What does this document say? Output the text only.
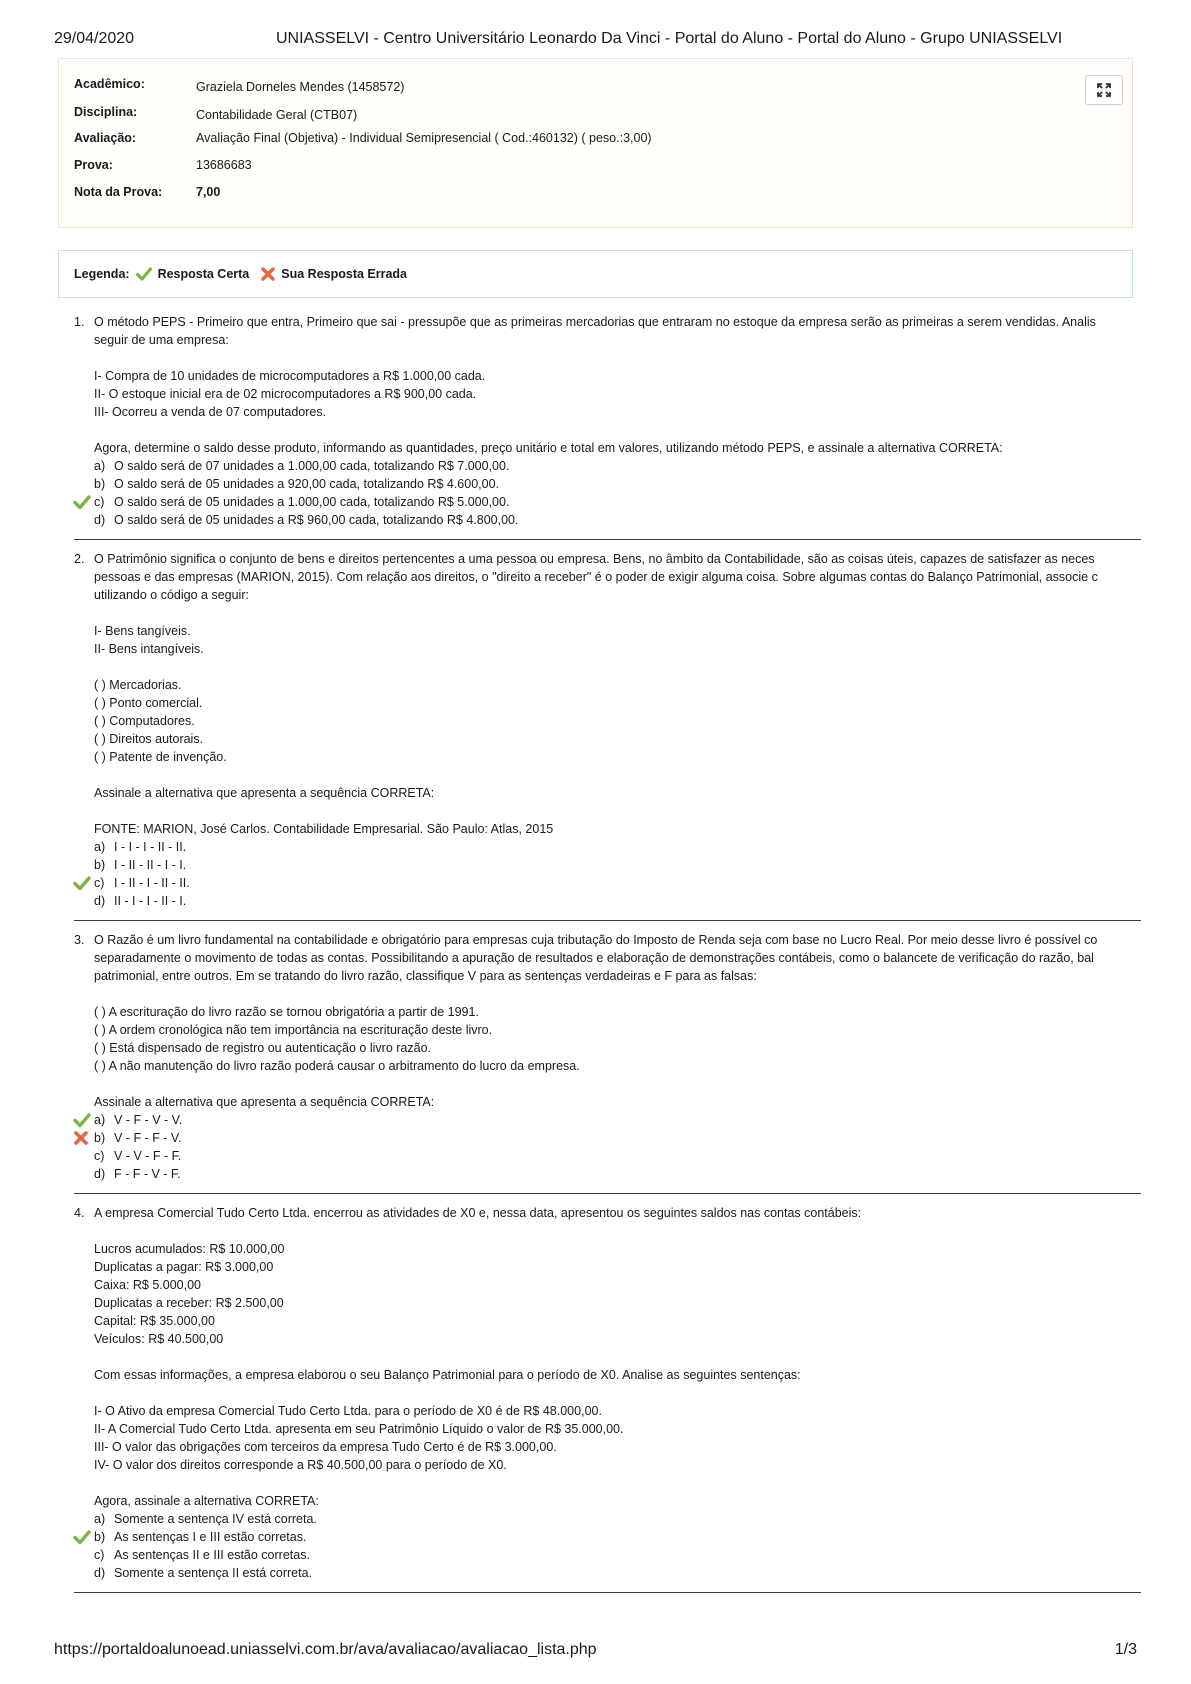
29/04/2020	UNIASSELVI - Centro Universitário Leonardo Da Vinci - Portal do Aluno - Portal do Aluno - Grupo UNIASSELVI
Acadêmico:	Graziela Dorneles Mendes (1458572)
Disciplina:	Contabilidade Geral (CTB07)
Avaliação:	Avaliação Final (Objetiva) - Individual Semipresencial ( Cod.:460132) ( peso.:3,00)
Prova:	13686683
Nota da Prova:	7,00
Legenda: Resposta Certa	Sua Resposta Errada
1. O método PEPS - Primeiro que entra, Primeiro que sai - pressupõe que as primeiras mercadorias que entraram no estoque da empresa serão as primeiras a serem vendidas. Analis
seguir de uma empresa:
I- Compra de 10 unidades de microcomputadores a R$ 1.000,00 cada.
II- O estoque inicial era de 02 microcomputadores a R$ 900,00 cada.
III- Ocorreu a venda de 07 computadores.
Agora, determine o saldo desse produto, informando as quantidades, preço unitário e total em valores, utilizando método PEPS, e assinale a alternativa CORRETA:
a) O saldo será de 07 unidades a 1.000,00 cada, totalizando R$ 7.000,00.
b) O saldo será de 05 unidades a 920,00 cada, totalizando R$ 4.600,00.
c) O saldo será de 05 unidades a 1.000,00 cada, totalizando R$ 5.000,00.
d) O saldo será de 05 unidades a R$ 960,00 cada, totalizando R$ 4.800,00.
2. O Patrimônio significa o conjunto de bens e direitos pertencentes a uma pessoa ou empresa. Bens, no âmbito da Contabilidade, são as coisas úteis, capazes de satisfazer as neces
pessoas e das empresas (MARION, 2015). Com relação aos direitos, o "direito a receber" é o poder de exigir alguma coisa. Sobre algumas contas do Balanço Patrimonial, associe c
utilizando o código a seguir:
I- Bens tangíveis.
II- Bens intangíveis.
( ) Mercadorias.
( ) Ponto comercial.
( ) Computadores.
( ) Direitos autorais.
( ) Patente de invenção.
Assinale a alternativa que apresenta a sequência CORRETA:
FONTE: MARION, José Carlos. Contabilidade Empresarial. São Paulo: Atlas, 2015
a) I - I - I - II - II.
b) I - II - II - I - I.
c) I - II - I - II - II.
d) II - I - I - II - I.
3. O Razão é um livro fundamental na contabilidade e obrigatório para empresas cuja tributação do Imposto de Renda seja com base no Lucro Real. Por meio desse livro é possível co
separadamente o movimento de todas as contas. Possibilitando a apuração de resultados e elaboração de demonstrações contábeis, como o balancete de verificação do razão, bal
patrimonial, entre outros. Em se tratando do livro razão, classifique V para as sentenças verdadeiras e F para as falsas:
( ) A escrituração do livro razão se tornou obrigatória a partir de 1991.
( ) A ordem cronológica não tem importância na escrituração deste livro.
( ) Está dispensado de registro ou autenticação o livro razão.
( ) A não manutenção do livro razão poderá causar o arbitramento do lucro da empresa.
Assinale a alternativa que apresenta a sequência CORRETA:
a) V - F - V - V.
b) V - F - F - V.
c) V - V - F - F.
d) F - F - V - F.
4. A empresa Comercial Tudo Certo Ltda. encerrou as atividades de X0 e, nessa data, apresentou os seguintes saldos nas contas contábeis:
Lucros acumulados: R$ 10.000,00
Duplicatas a pagar: R$ 3.000,00
Caixa: R$ 5.000,00
Duplicatas a receber: R$ 2.500,00
Capital: R$ 35.000,00
Veículos: R$ 40.500,00
Com essas informações, a empresa elaborou o seu Balanço Patrimonial para o período de X0. Analise as seguintes sentenças:
I- O Ativo da empresa Comercial Tudo Certo Ltda. para o período de X0 é de R$ 48.000,00.
II- A Comercial Tudo Certo Ltda. apresenta em seu Patrimônio Líquido o valor de R$ 35.000,00.
III- O valor das obrigações com terceiros da empresa Tudo Certo é de R$ 3.000,00.
IV- O valor dos direitos corresponde a R$ 40.500,00 para o período de X0.
Agora, assinale a alternativa CORRETA:
a) Somente a sentença IV está correta.
b) As sentenças I e III estão corretas.
c) As sentenças II e III estão corretas.
d) Somente a sentença II está correta.
https://portaldoalunoead.uniasselvi.com.br/ava/avaliacao/avaliacao_lista.php	1/3
